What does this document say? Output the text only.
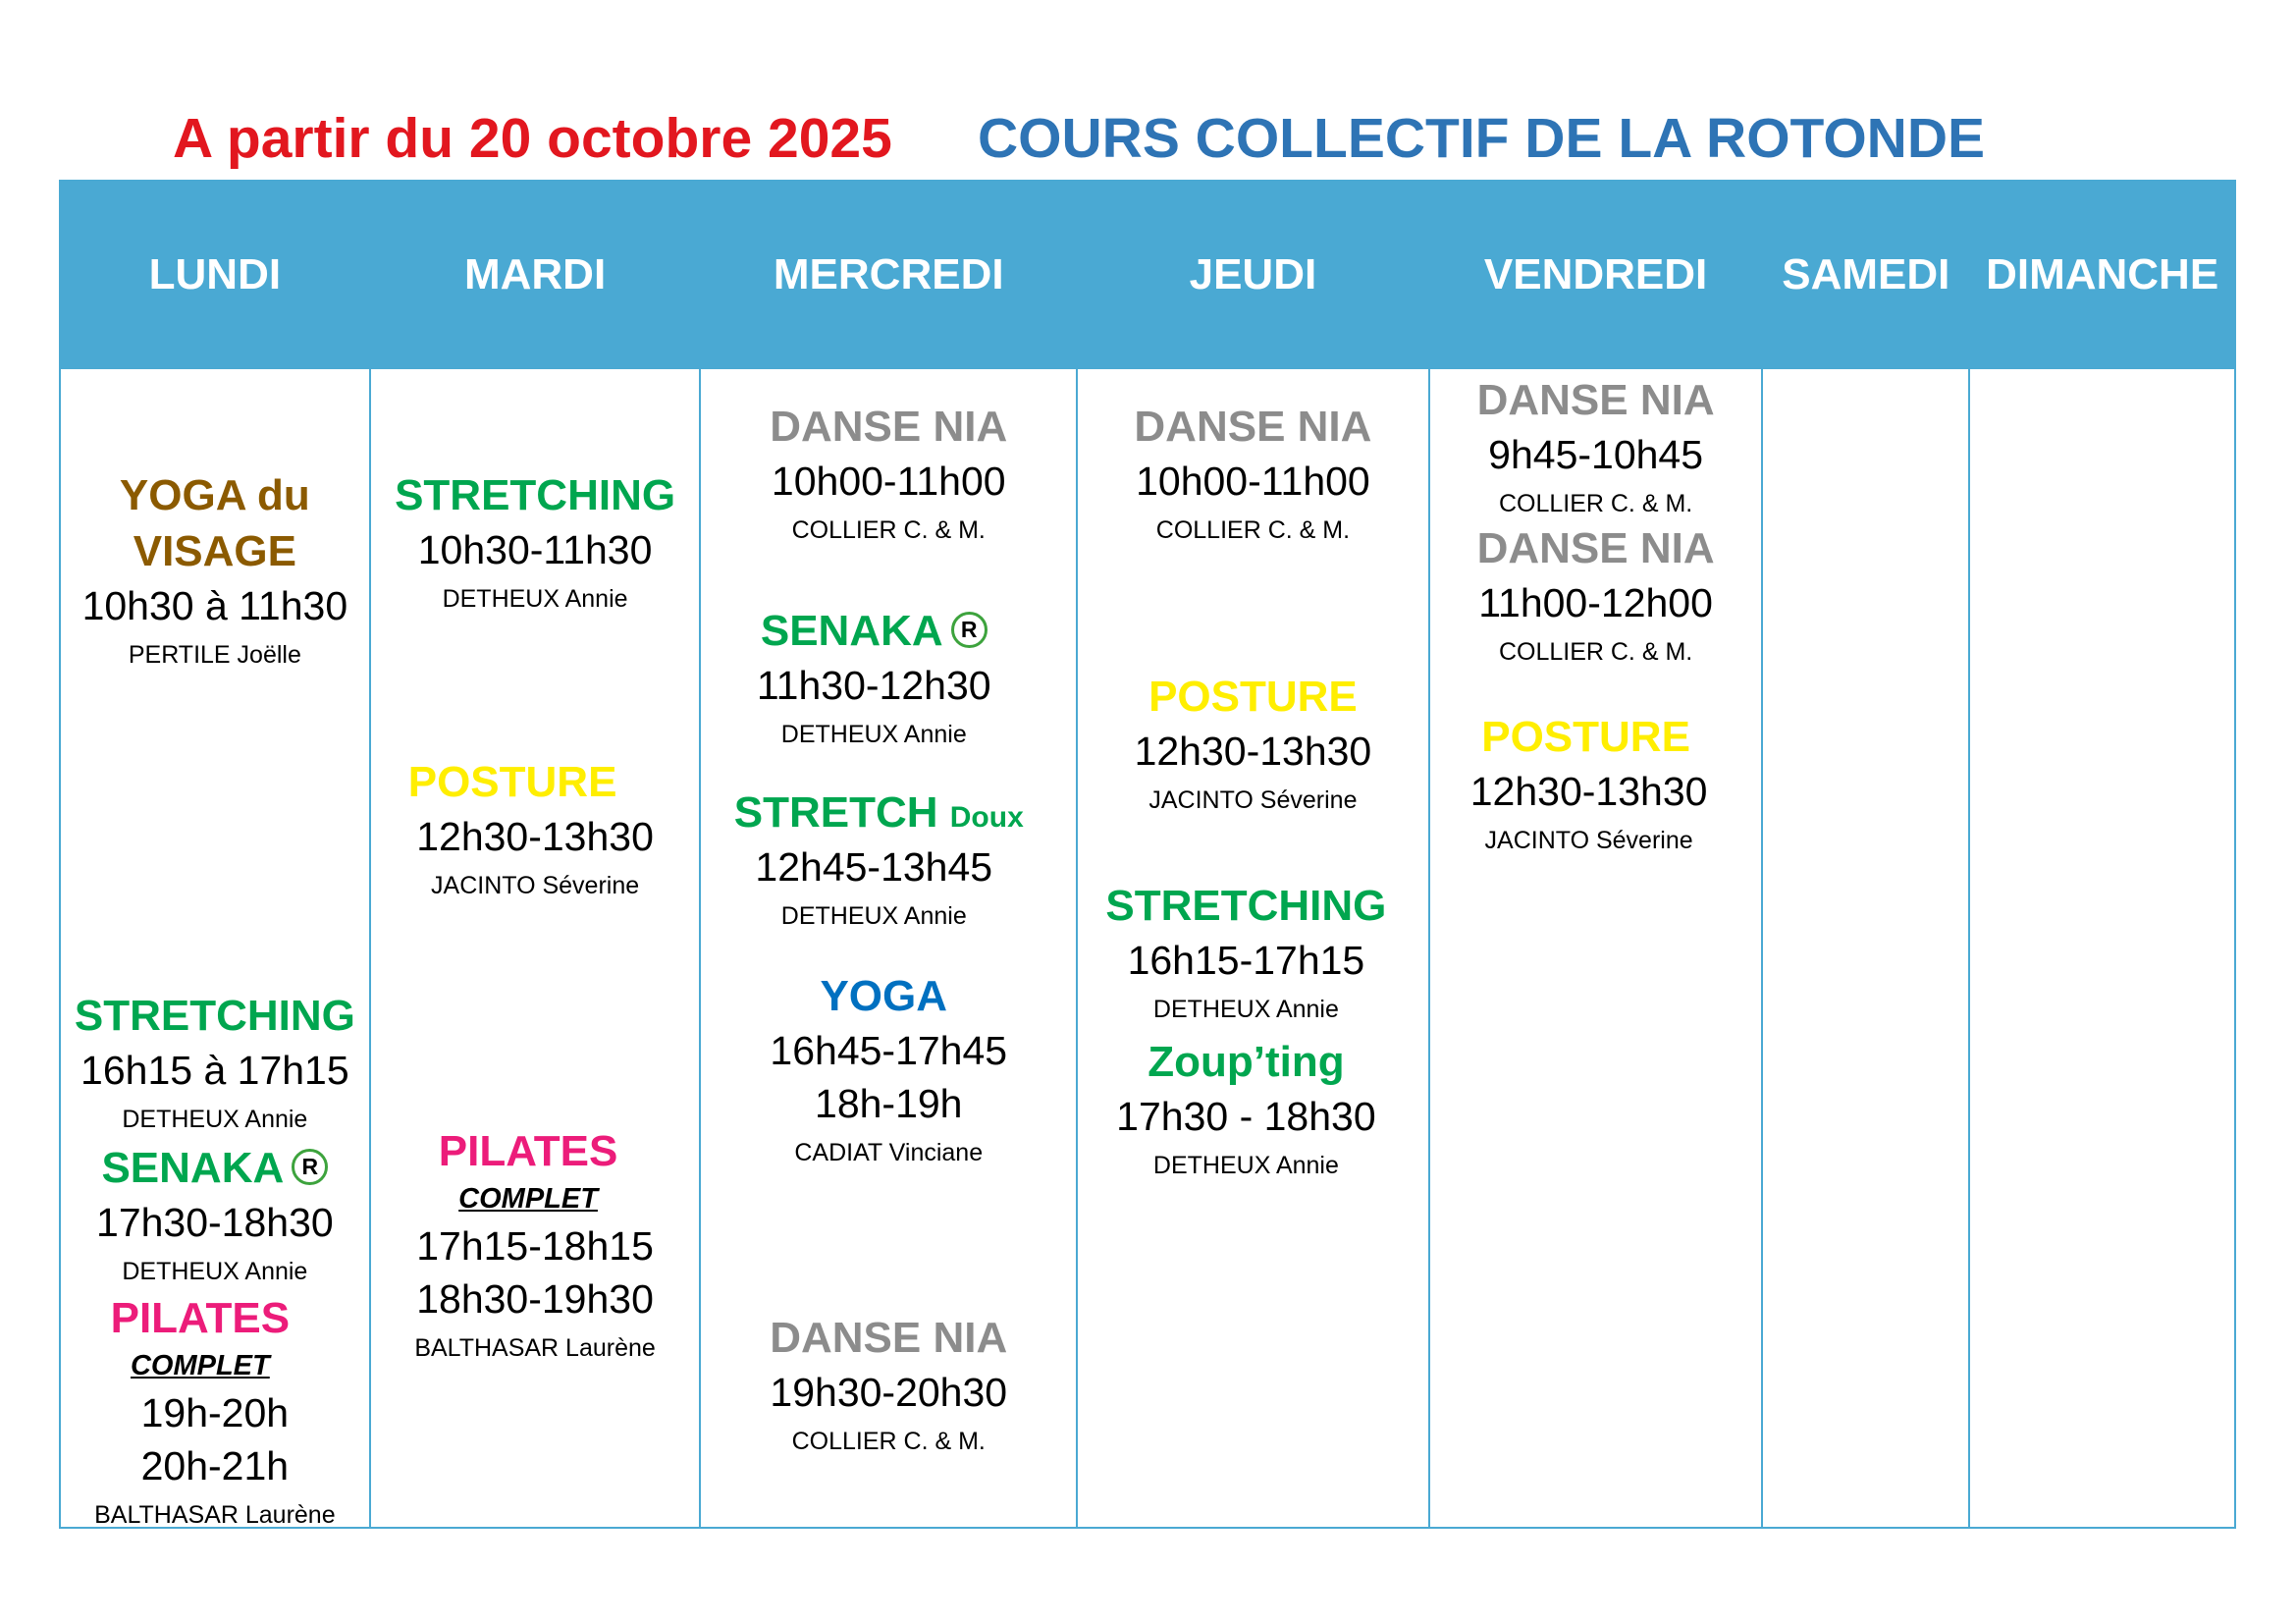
A partir du 20 octobre 2025 COURS COLLECTIF DE LA ROTONDE
LUNDI
YOGA du
VISAGE
10h30 à 11h30
PERTILE Joëlle
STRETCHING
16h15 à 17h15
DETHEUX Annie
SENAKA R
17h30-18h30
DETHEUX Annie
PILATES
COMPLET
19h-20h
20h-21h
BALTHASAR Laurène
MARDI
STRETCHING
10h30-11h30
DETHEUX Annie
POSTURE
12h30-13h30
JACINTO Séverine
PILATES
COMPLET
17h15-18h15
18h30-19h30
BALTHASAR Laurène
MERCREDI
DANSE NIA
10h00-11h00
COLLIER C. & M.
SENAKA R
11h30-12h30
DETHEUX Annie
STRETCH Doux
12h45-13h45
DETHEUX Annie
YOGA
16h45-17h45
18h-19h
CADIAT Vinciane
DANSE NIA
19h30-20h30
COLLIER C. & M.
JEUDI
DANSE NIA
10h00-11h00
COLLIER C. & M.
POSTURE
12h30-13h30
JACINTO Séverine
STRETCHING
16h15-17h15
DETHEUX Annie
Zoup’ting
17h30 - 18h30
DETHEUX Annie
VENDREDI
DANSE NIA
9h45-10h45
COLLIER C. & M.
DANSE NIA
11h00-12h00
COLLIER C. & M.
POSTURE
12h30-13h30
JACINTO Séverine
SAMEDI DIMANCHE
